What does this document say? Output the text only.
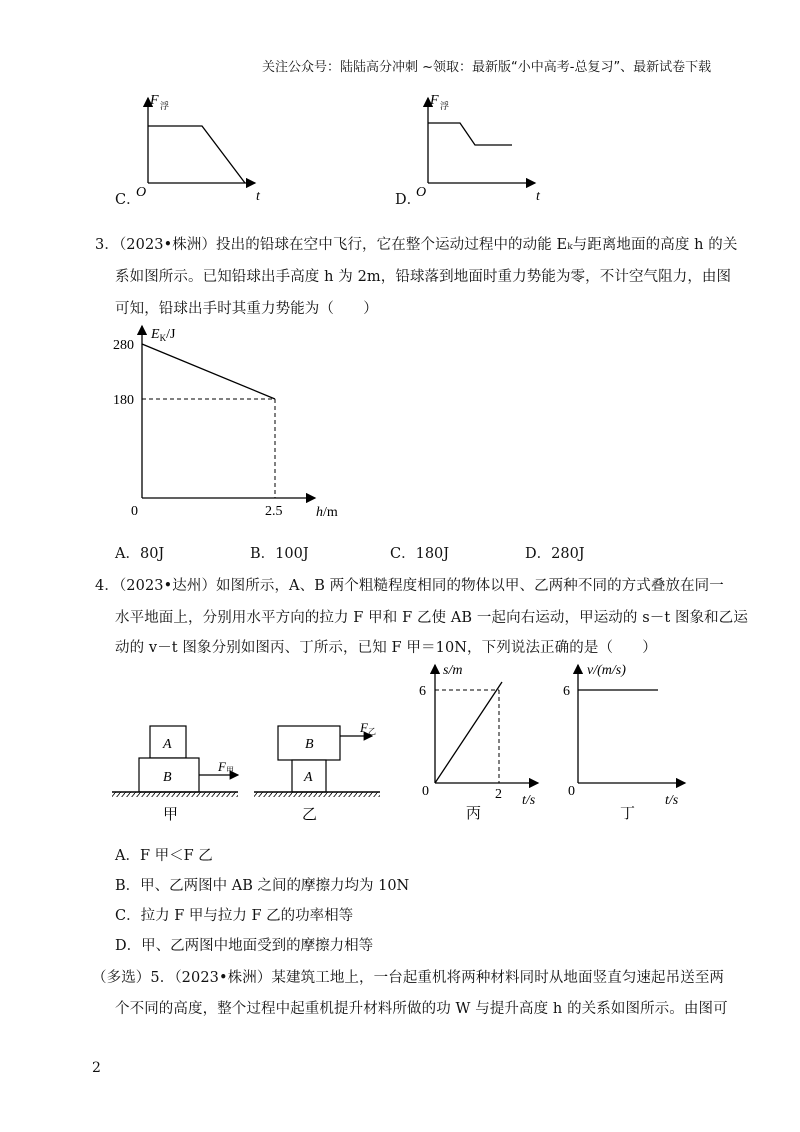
关注公众号：陆陆高分冲刺 ~领取：最新版“小中高考-总复习”、最新试卷下载
F 浮
O	t
C．
F 浮
O	t
D．
3．（2023•株洲）投出的铅球在空中飞行，它在整个运动过程中的动能 Eₖ与距离地面的高度 h 的关
系如图所示。已知铅球出手高度 h 为 2m，铅球落到地面时重力势能为零，不计空气阻力，由图
可知，铅球出手时其重力势能为（　　）
$E_K/J$
280
180
0	2.5 h/m
A．80J	B．100J	C．180J	D．280J
4．（2023•达州）如图所示，A、B 两个粗糙程度相同的物体以甲、乙两种不同的方式叠放在同一
水平地面上，分别用水平方向的拉力 F 甲和 F 乙使 AB 一起向右运动，甲运动的 s－t 图象和乙运
动的 v－t 图象分别如图丙、丁所示，已知 F 甲＝10N，下列说法正确的是（　　）
A
B
F 甲
甲
B
A
F 乙
乙
s/m
6
0	2 t/s
丙
v/(m/s)
6
0
t/s
丁
A．F 甲＜F 乙
B．甲、乙两图中 AB 之间的摩擦力均为 10N
C．拉力 F 甲与拉力 F 乙的功率相等
D．甲、乙两图中地面受到的摩擦力相等
（多选）5．（2023•株洲）某建筑工地上，一台起重机将两种材料同时从地面竖直匀速起吊送至两
个不同的高度，整个过程中起重机提升材料所做的功 W 与提升高度 h 的关系如图所示。由图可
2
